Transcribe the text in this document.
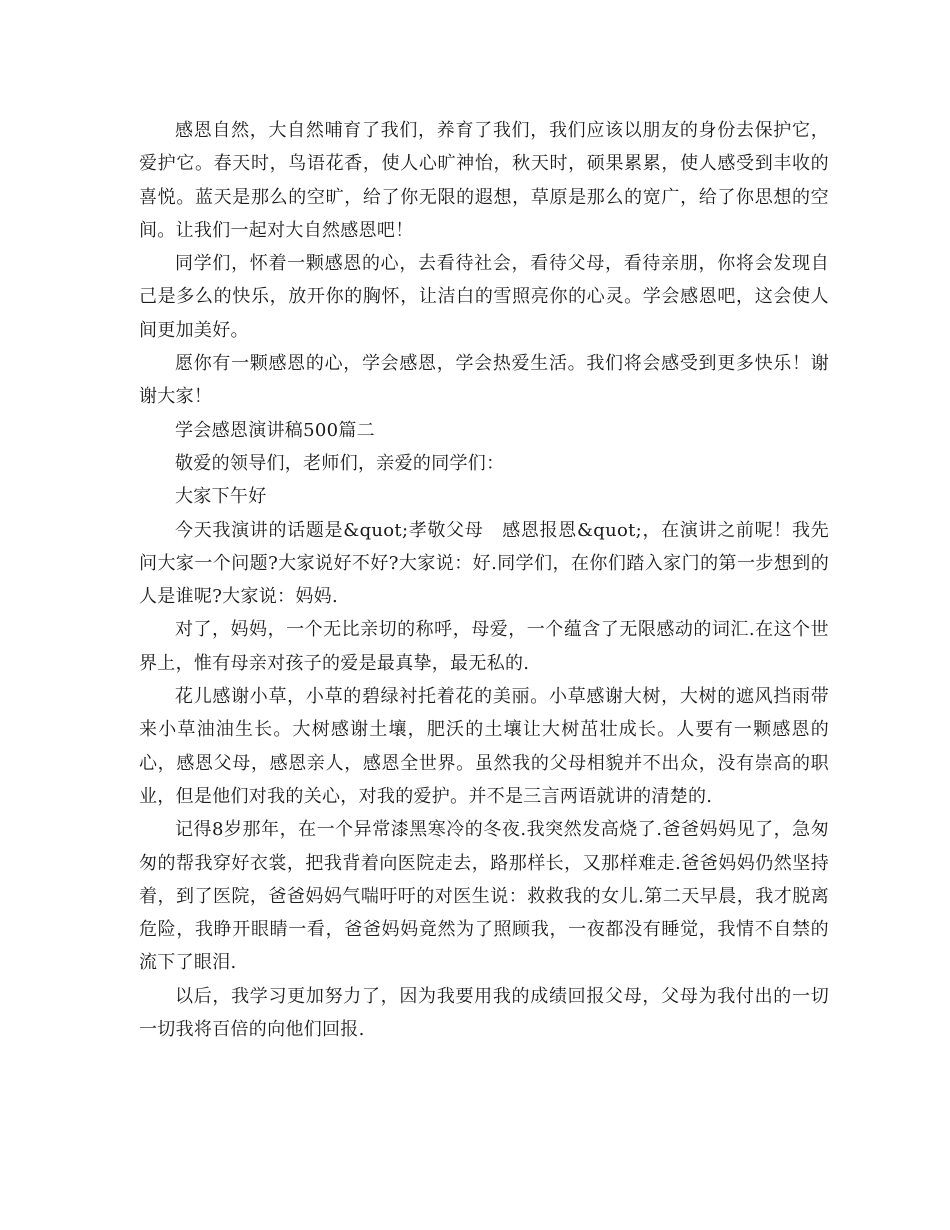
感恩自然，大自然哺育了我们，养育了我们，我们应该以朋友的身份去保护它，爱护它。春天时，鸟语花香，使人心旷神怡，秋天时，硕果累累，使人感受到丰收的喜悦。蓝天是那么的空旷，给了你无限的遐想，草原是那么的宽广，给了你思想的空间。让我们一起对大自然感恩吧！

同学们，怀着一颗感恩的心，去看待社会，看待父母，看待亲朋，你将会发现自己是多么的快乐，放开你的胸怀，让洁白的雪照亮你的心灵。学会感恩吧，这会使人间更加美好。

愿你有一颗感恩的心，学会感恩，学会热爱生活。我们将会感受到更多快乐！谢谢大家！

学会感恩演讲稿500篇二

敬爱的领导们，老师们，亲爱的同学们：

大家下午好

今天我演讲的话题是&quot;孝敬父母　感恩报恩&quot;，在演讲之前呢！我先问大家一个问题?大家说好不好?大家说：好.同学们，在你们踏入家门的第一步想到的人是谁呢?大家说：妈妈.

对了，妈妈，一个无比亲切的称呼，母爱，一个蕴含了无限感动的词汇.在这个世界上，惟有母亲对孩子的爱是最真挚，最无私的.

花儿感谢小草，小草的碧绿衬托着花的美丽。小草感谢大树，大树的遮风挡雨带来小草油油生长。大树感谢土壤，肥沃的土壤让大树茁壮成长。人要有一颗感恩的心，感恩父母，感恩亲人，感恩全世界。虽然我的父母相貌并不出众，没有崇高的职业，但是他们对我的关心，对我的爱护。并不是三言两语就讲的清楚的.

记得8岁那年，在一个异常漆黑寒冷的冬夜.我突然发高烧了.爸爸妈妈见了，急匆匆的帮我穿好衣裳，把我背着向医院走去，路那样长，又那样难走.爸爸妈妈仍然坚持着，到了医院，爸爸妈妈气喘吁吁的对医生说：救救我的女儿.第二天早晨，我才脱离危险，我睁开眼睛一看，爸爸妈妈竟然为了照顾我，一夜都没有睡觉，我情不自禁的流下了眼泪.

以后，我学习更加努力了，因为我要用我的成绩回报父母，父母为我付出的一切一切我将百倍的向他们回报.
